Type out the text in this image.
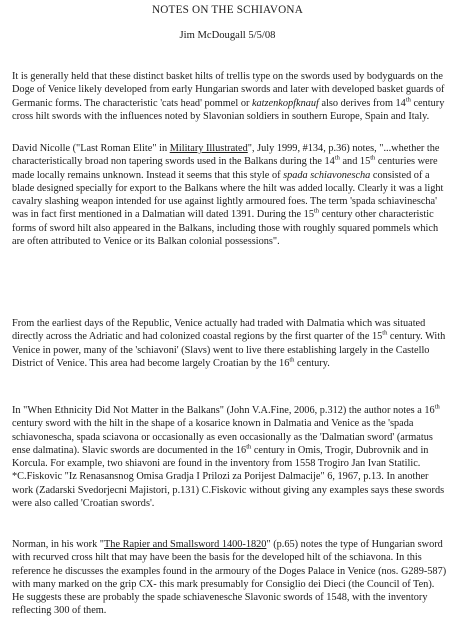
NOTES ON THE SCHIAVONA
Jim McDougall 5/5/08
It is generally held that these distinct basket hilts of trellis type on the swords used by bodyguards on the Doge of Venice likely developed from early Hungarian swords and later with developed basket guards of Germanic forms. The characteristic 'cats head' pommel or katzenkopfknauf also derives from 14th century cross hilt swords with the influences noted by Slavonian soldiers in southern Europe, Spain and Italy.
David Nicolle ("Last Roman Elite" in Military Illustrated", July 1999, #134, p.36) notes, "...whether the characteristically broad non tapering swords used in the Balkans during the 14th and 15th centuries were made locally remains unknown. Instead it seems that this style of spada schiavonescha consisted of a blade designed specially for export to the Balkans where the hilt was added locally. Clearly it was a light cavalry slashing weapon intended for use against lightly armoured foes. The term 'spada schiavinescha' was in fact first mentioned in a Dalmatian will dated 1391. During the 15th century other characteristic forms of sword hilt also appeared in the Balkans, including those with roughly squared pommels which are often attributed to Venice or its Balkan colonial possessions".
From the earliest days of the Republic, Venice actually had traded with Dalmatia which was situated directly across the Adriatic and had colonized coastal regions by the first quarter of the 15th century. With Venice in power, many of the 'schiavoni' (Slavs) went to live there establishing largely in the Castello District of Venice. This area had become largely Croatian by the 16th century.
In "When Ethnicity Did Not Matter in the Balkans" (John V.A.Fine, 2006, p.312) the author notes a 16th century sword with the hilt in the shape of a kosarice known in Dalmatia and Venice as the 'spada schiavonescha, spada sciavona or occasionally as even occasionally as the 'Dalmatian sword' (armatus ense dalmatina). Slavic swords are documented in the 16th century in Omis, Trogir, Dubrovnik and in Korcula. For example, two shiavoni are found in the inventory from 1558 Trogiro Jan Ivan Statilic. *C.Fiskovic "Iz Renasansnog Omisa Gradja I Prilozi za Porijest Dalmacije" 6, 1967, p.13. In another work (Zadarski Svedorjecni Majistori, p.131) C.Fiskovic without giving any examples says these swords were also called 'Croatian swords'.
Norman, in his work "The Rapier and Smallsword 1400-1820" (p.65) notes the type of Hungarian sword with recurved cross hilt that may have been the basis for the developed hilt of the schiavona. In this reference he discusses the examples found in the armoury of the Doges Palace in Venice (nos. G289-587) with many marked on the grip CX- this mark presumably for Consiglio dei Dieci (the Council of Ten). He suggests these are probably the spade schiavenesche Slavonic swords of 1548, with the inventory reflecting 300 of them.
